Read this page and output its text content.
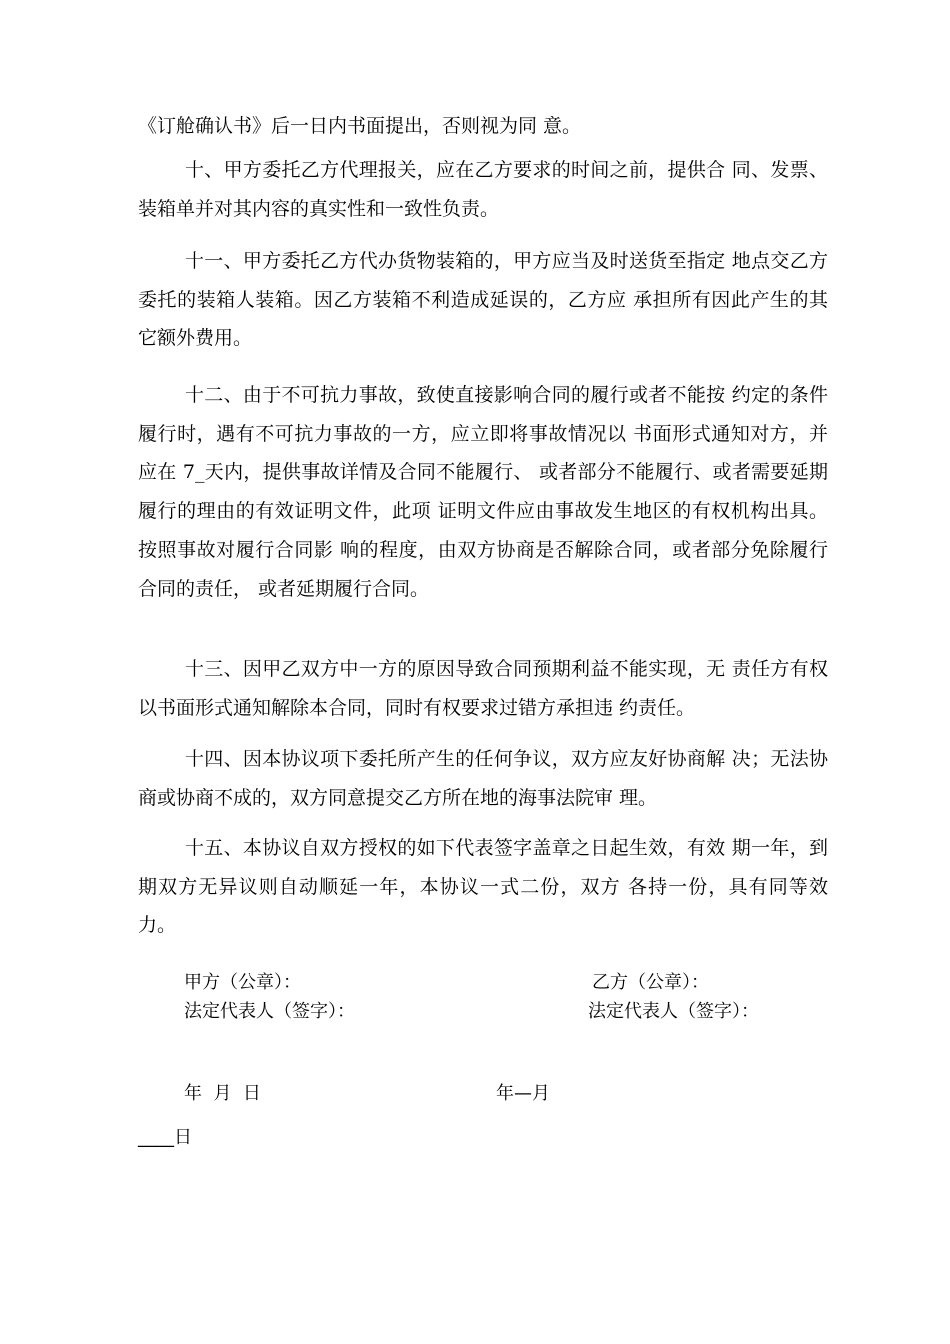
《订舱确认书》后一日内书面提出，否则视为同 意。

十、甲方委托乙方代理报关，应在乙方要求的时间之前，提供合 同、发票、装箱单并对其内容的真实性和一致性负责。

十一、甲方委托乙方代办货物装箱的，甲方应当及时送货至指定 地点交乙方委托的装箱人装箱。因乙方装箱不利造成延误的，乙方应 承担所有因此产生的其它额外费用。

十二、由于不可抗力事故，致使直接影响合同的履行或者不能按 约定的条件履行时，遇有不可抗力事故的一方，应立即将事故情况以 书面形式通知对方，并应在 7_天内，提供事故详情及合同不能履行、 或者部分不能履行、或者需要延期履行的理由的有效证明文件，此项 证明文件应由事故发生地区的有权机构出具。按照事故对履行合同影 响的程度，由双方协商是否解除合同，或者部分免除履行合同的责任， 或者延期履行合同。

十三、因甲乙双方中一方的原因导致合同预期利益不能实现，无 责任方有权以书面形式通知解除本合同，同时有权要求过错方承担违 约责任。

十四、因本协议项下委托所产生的任何争议，双方应友好协商解 决；无法协商或协商不成的，双方同意提交乙方所在地的海事法院审 理。

十五、本协议自双方授权的如下代表签字盖章之日起生效，有效 期一年，到期双方无异议则自动顺延一年，本协议一式二份，双方 各持一份，具有同等效力。

甲方（公章）：	乙方（公章）：

法定代表人（签字）：	法定代表人（签字）：

年  月  日	年—月

____日
